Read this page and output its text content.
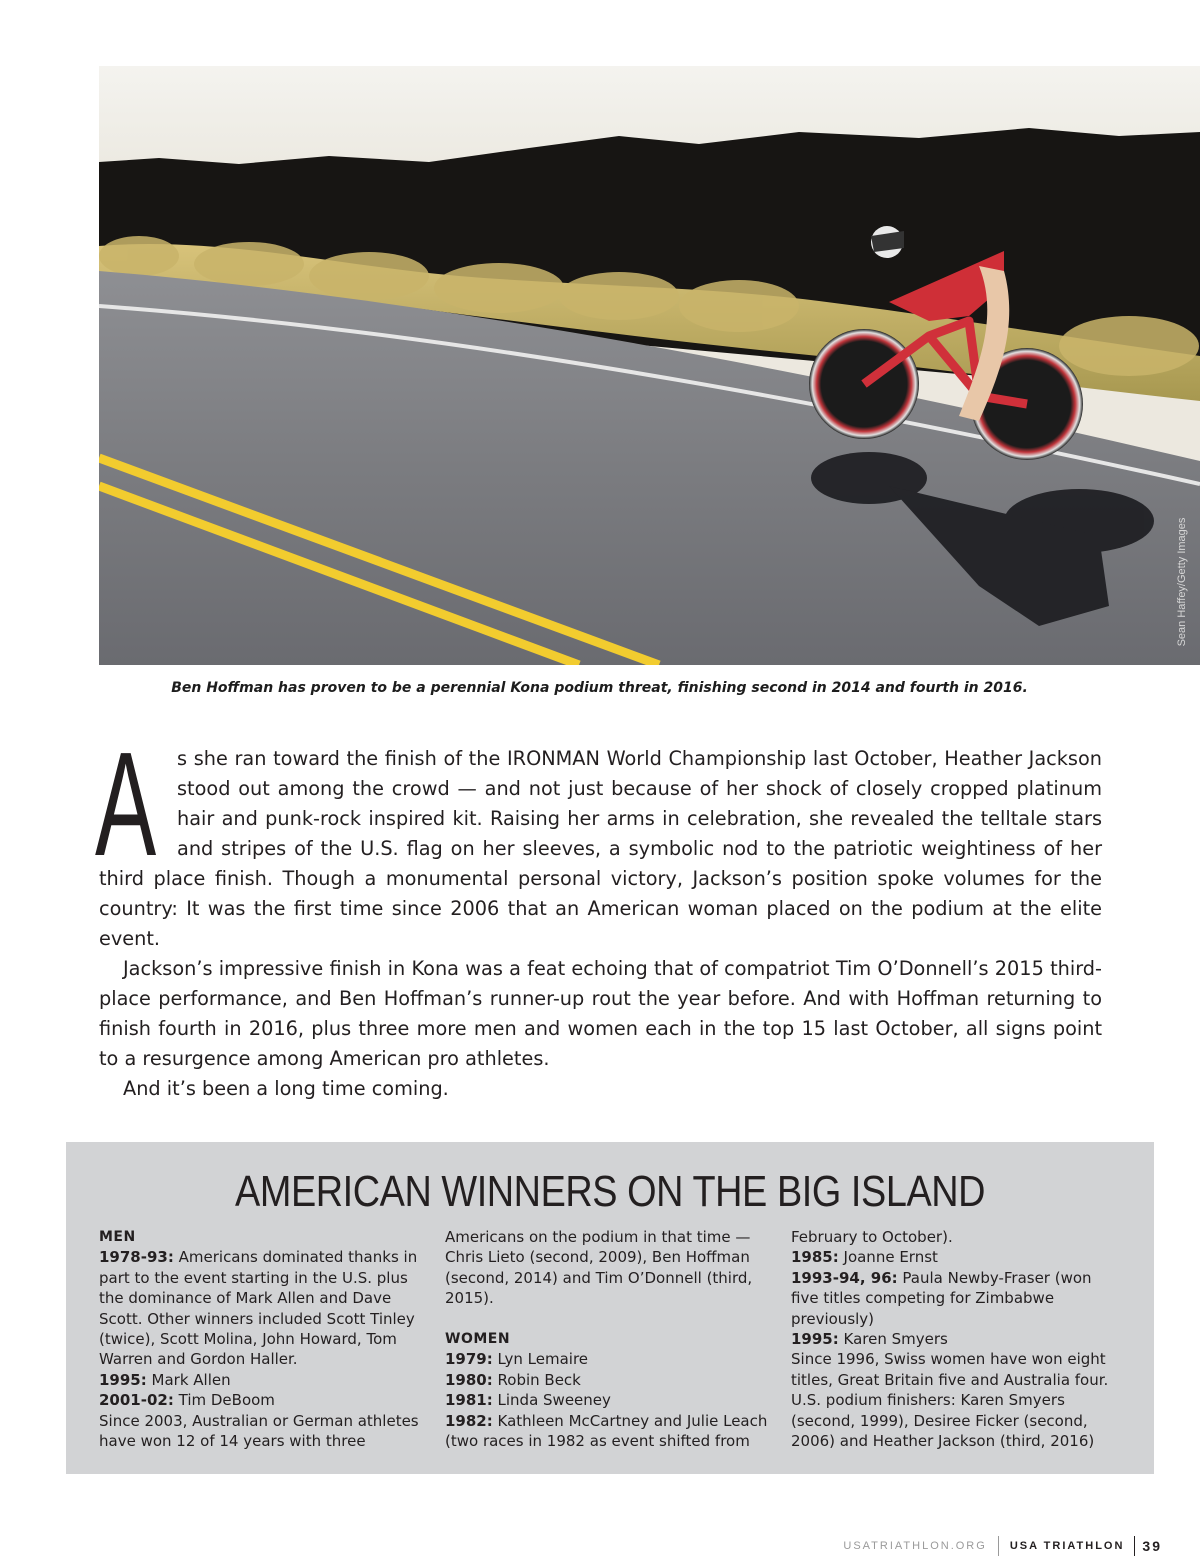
Sean Haffey/Getty Images
Ben Hoffman has proven to be a perennial Kona podium threat, finishing second in 2014 and fourth in 2016.

A s she ran toward the finish of the IRONMAN World Championship last October, Heather Jackson stood out among the crowd — and not just because of her shock of closely cropped platinum hair and punk-rock inspired kit. Raising her arms in celebration, she revealed the telltale stars and stripes of the U.S. flag on her sleeves, a symbolic nod to the patriotic weightiness of her third place finish. Though a monumental personal victory, Jackson’s position spoke volumes for the country: It was the first time since 2006 that an American woman placed on the podium at the elite event.

Jackson’s impressive finish in Kona was a feat echoing that of compatriot Tim O’Donnell’s 2015 third-place performance, and Ben Hoffman’s runner-up rout the year before. And with Hoffman returning to finish fourth in 2016, plus three more men and women each in the top 15 last October, all signs point to a resurgence among American pro athletes.

And it’s been a long time coming.

AMERICAN WINNERS ON THE BIG ISLAND
MEN
1978-93: Americans dominated thanks in part to the event starting in the U.S. plus the dominance of Mark Allen and Dave Scott. Other winners included Scott Tinley (twice), Scott Molina, John Howard, Tom Warren and Gordon Haller.
1995: Mark Allen
2001-02: Tim DeBoom
Since 2003, Australian or German athletes have won 12 of 14 years with three
Americans on the podium in that time — Chris Lieto (second, 2009), Ben Hoffman (second, 2014) and Tim O’Donnell (third, 2015).
WOMEN
1979: Lyn Lemaire
1980: Robin Beck
1981: Linda Sweeney
1982: Kathleen McCartney and Julie Leach (two races in 1982 as event shifted from
February to October).
1985: Joanne Ernst
1993-94, 96: Paula Newby-Fraser (won five titles competing for Zimbabwe previously)
1995: Karen Smyers
Since 1996, Swiss women have won eight titles, Great Britain five and Australia four. U.S. podium finishers: Karen Smyers (second, 1999), Desiree Ficker (second, 2006) and Heather Jackson (third, 2016)
USATRIATHLON.ORG USA TRIATHLON 39
